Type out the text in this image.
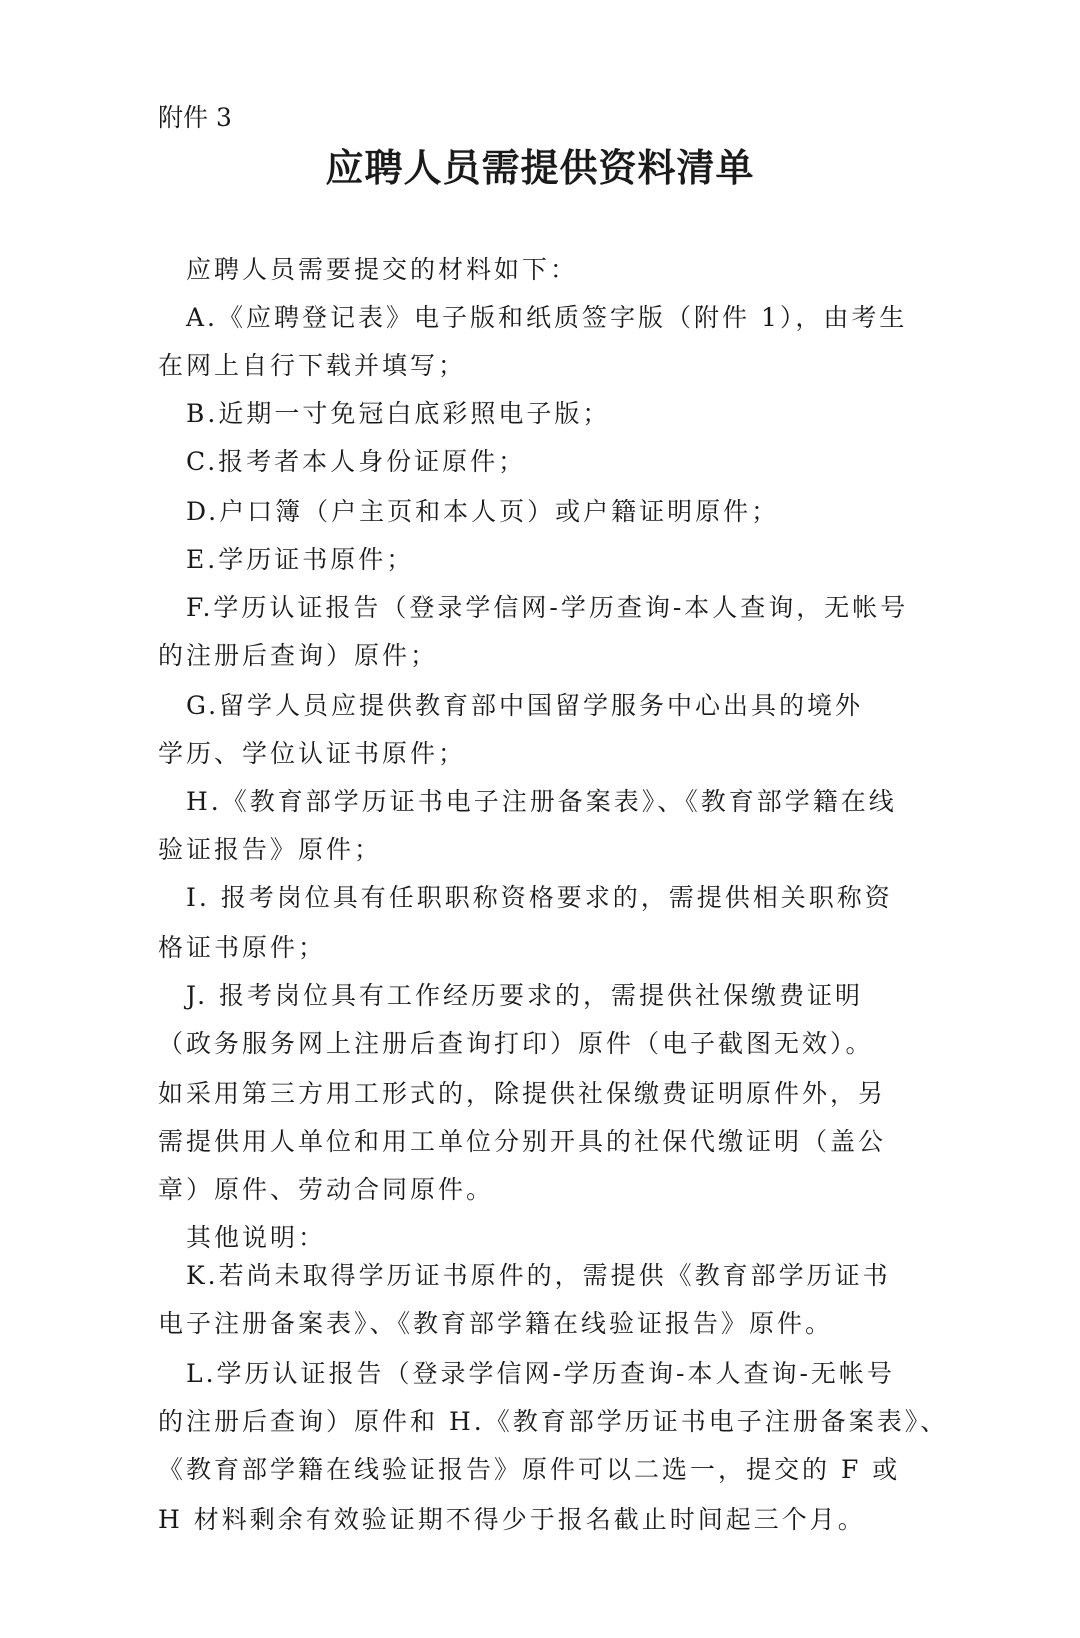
附件 3
应聘人员需提供资料清单
应聘人员需要提交的材料如下：
A.《应聘登记表》电子版和纸质签字版（附件 1），由考生
在网上自行下载并填写；
B.近期一寸免冠白底彩照电子版；
C.报考者本人身份证原件；
D.户口簿（户主页和本人页）或户籍证明原件；
E.学历证书原件；
F.学历认证报告（登录学信网-学历查询-本人查询，无帐号
的注册后查询）原件；
G.留学人员应提供教育部中国留学服务中心出具的境外
学历、学位认证书原件；
H.《教育部学历证书电子注册备案表》、《教育部学籍在线
验证报告》原件；
I. 报考岗位具有任职职称资格要求的，需提供相关职称资
格证书原件；
J. 报考岗位具有工作经历要求的，需提供社保缴费证明
（政务服务网上注册后查询打印）原件（电子截图无效）。
如采用第三方用工形式的，除提供社保缴费证明原件外，另
需提供用人单位和用工单位分别开具的社保代缴证明（盖公
章）原件、劳动合同原件。
其他说明：
K.若尚未取得学历证书原件的，需提供《教育部学历证书
电子注册备案表》、《教育部学籍在线验证报告》原件。
L.学历认证报告（登录学信网-学历查询-本人查询-无帐号
的注册后查询）原件和 H.《教育部学历证书电子注册备案表》、
《教育部学籍在线验证报告》原件可以二选一，提交的 F 或
H 材料剩余有效验证期不得少于报名截止时间起三个月。
